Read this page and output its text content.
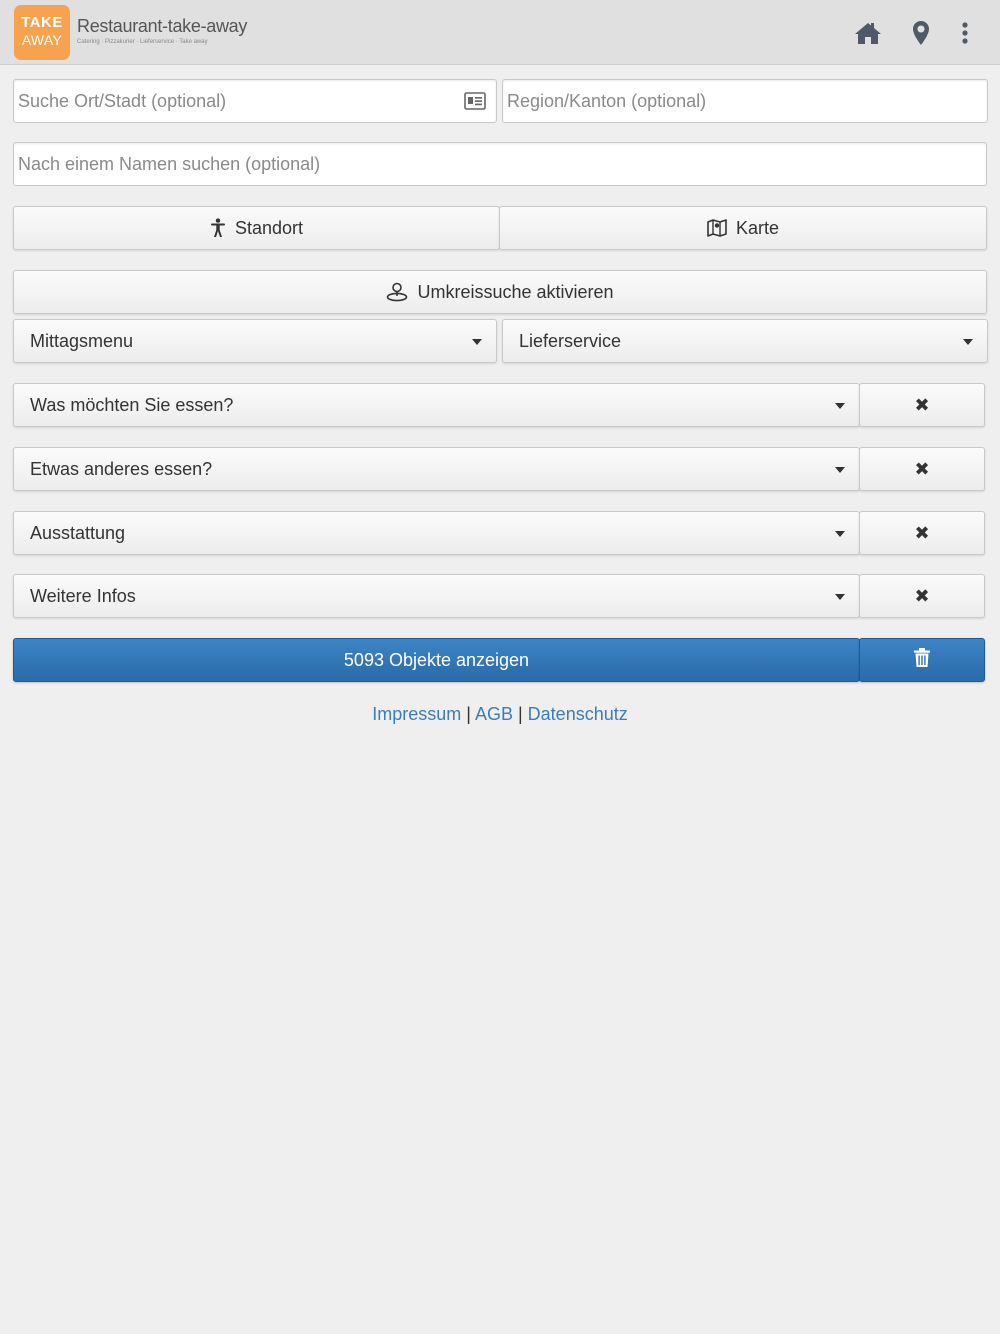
TAKE
AWAY
Restaurant-take-away
Catering · Pizzakurier · Lieferservice · Take away
Suche Ort/Stadt (optional)
Region/Kanton (optional)
Nach einem Namen suchen (optional)
Standort	Karte
Umkreissuche aktivieren
Mittagsmenu	Lieferservice
Was möchten Sie essen?	✖
Etwas anderes essen?	✖
Ausstattung	✖
Weitere Infos	✖
5093 Objekte anzeigen
Impressum | AGB | Datenschutz
